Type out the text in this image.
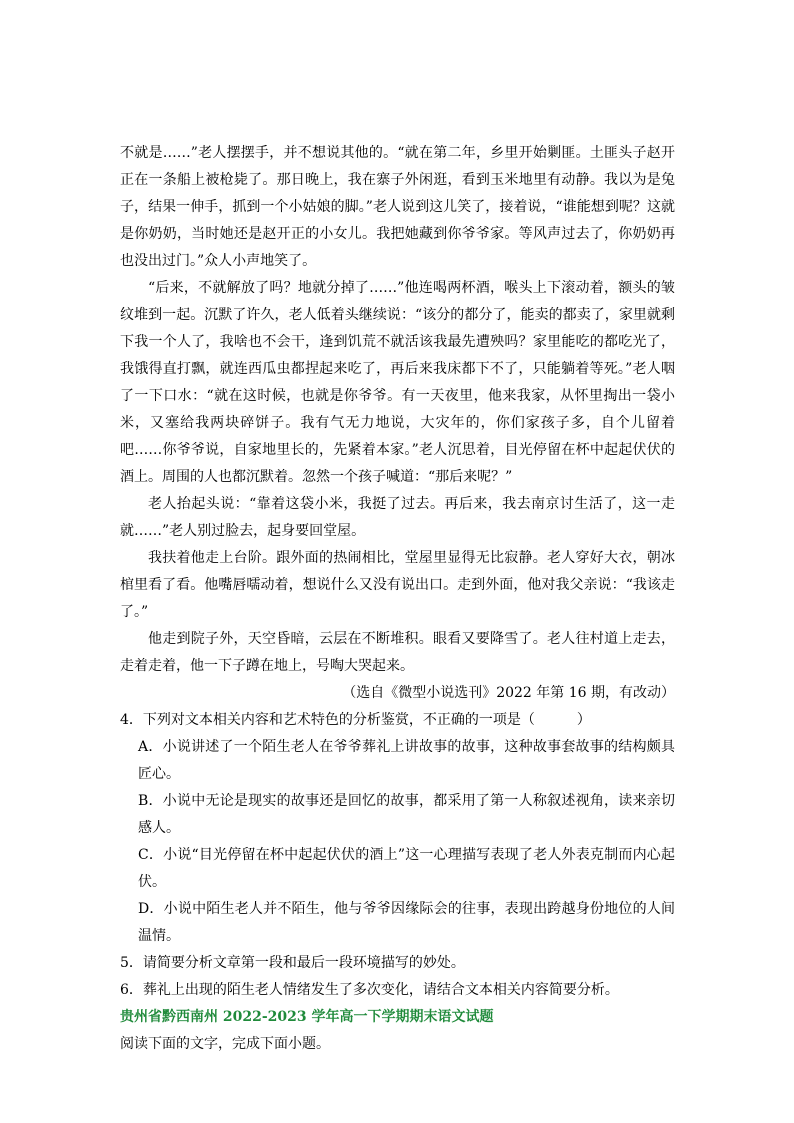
不就是……”老人摆摆手，并不想说其他的。“就在第二年，乡里开始剿匪。土匪头子赵开正在一条船上被枪毙了。那日晚上，我在寨子外闲逛，看到玉米地里有动静。我以为是兔子，结果一伸手，抓到一个小姑娘的脚。”老人说到这儿笑了，接着说，“谁能想到呢？这就是你奶奶，当时她还是赵开正的小女儿。我把她藏到你爷爷家。等风声过去了，你奶奶再也没出过门。”众人小声地笑了。

“后来，不就解放了吗？地就分掉了……”他连喝两杯酒，喉头上下滚动着，额头的皱纹堆到一起。沉默了许久，老人低着头继续说：“该分的都分了，能卖的都卖了，家里就剩下我一个人了，我啥也不会干，逢到饥荒不就活该我最先遭殃吗？家里能吃的都吃光了，我饿得直打飘，就连西瓜虫都捏起来吃了，再后来我床都下不了，只能躺着等死。”老人咽了一下口水：“就在这时候，也就是你爷爷。有一天夜里，他来我家，从怀里掏出一袋小米，又塞给我两块碎饼子。我有气无力地说，大灾年的，你们家孩子多，自个儿留着吧……你爷爷说，自家地里长的，先紧着本家。”老人沉思着，目光停留在杯中起起伏伏的酒上。周围的人也都沉默着。忽然一个孩子喊道：“那后来呢？”

老人抬起头说：“靠着这袋小米，我挺了过去。再后来，我去南京讨生活了，这一走就……”老人别过脸去，起身要回堂屋。

我扶着他走上台阶。跟外面的热闹相比，堂屋里显得无比寂静。老人穿好大衣，朝冰棺里看了看。他嘴唇嚅动着，想说什么又没有说出口。走到外面，他对我父亲说：“我该走了。”

他走到院子外，天空昏暗，云层在不断堆积。眼看又要降雪了。老人往村道上走去，走着走着，他一下子蹲在地上，号啕大哭起来。

（选自《微型小说选刊》2022 年第 16 期，有改动）

4．下列对文本相关内容和艺术特色的分析鉴赏，不正确的一项是（　　　）

A．小说讲述了一个陌生老人在爷爷葬礼上讲故事的故事，这种故事套故事的结构颇具匠心。

B．小说中无论是现实的故事还是回忆的故事，都采用了第一人称叙述视角，读来亲切感人。

C．小说“目光停留在杯中起起伏伏的酒上”这一心理描写表现了老人外表克制而内心起伏。

D．小说中陌生老人并不陌生，他与爷爷因缘际会的往事，表现出跨越身份地位的人间温情。

5．请简要分析文章第一段和最后一段环境描写的妙处。

6．葬礼上出现的陌生老人情绪发生了多次变化，请结合文本相关内容简要分析。

贵州省黔西南州 2022-2023 学年高一下学期期末语文试题

阅读下面的文字，完成下面小题。
